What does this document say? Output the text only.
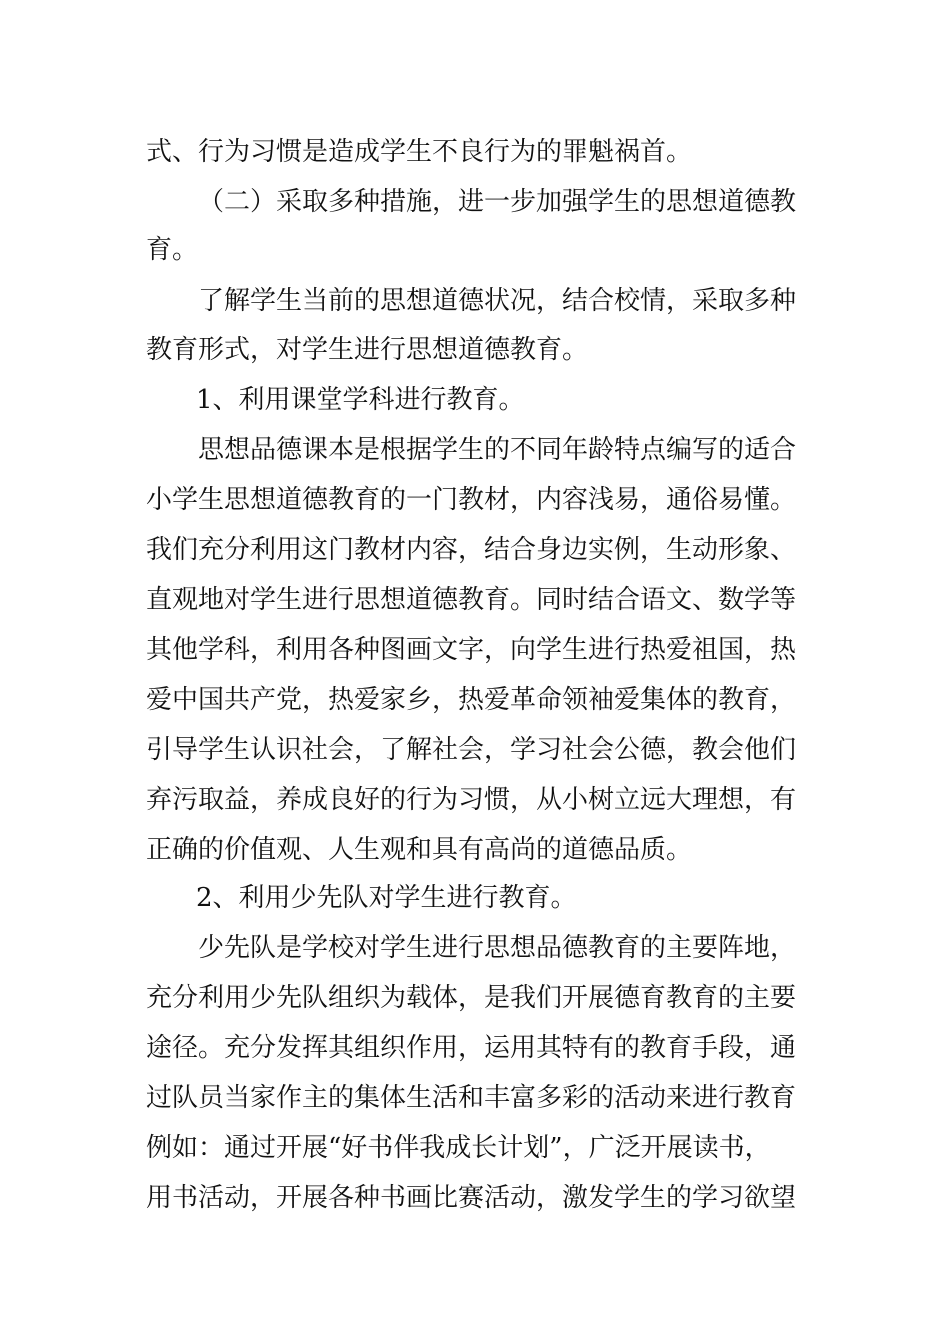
式、行为习惯是造成学生不良行为的罪魁祸首。
（二）采取多种措施，进一步加强学生的思想道德教
育。
了解学生当前的思想道德状况，结合校情，采取多种
教育形式，对学生进行思想道德教育。
1、利用课堂学科进行教育。
思想品德课本是根据学生的不同年龄特点编写的适合
小学生思想道德教育的一门教材，内容浅易，通俗易懂。
我们充分利用这门教材内容，结合身边实例，生动形象、
直观地对学生进行思想道德教育。同时结合语文、数学等
其他学科，利用各种图画文字，向学生进行热爱祖国，热
爱中国共产党，热爱家乡，热爱革命领袖爱集体的教育，
引导学生认识社会，了解社会，学习社会公德，教会他们
弃污取益，养成良好的行为习惯，从小树立远大理想，有
正确的价值观、人生观和具有高尚的道德品质。
2、利用少先队对学生进行教育。
少先队是学校对学生进行思想品德教育的主要阵地，
充分利用少先队组织为载体，是我们开展德育教育的主要
途径。充分发挥其组织作用，运用其特有的教育手段，通
过队员当家作主的集体生活和丰富多彩的活动来进行教育
例如：通过开展“好书伴我成长计划”，广泛开展读书，
用书活动，开展各种书画比赛活动，激发学生的学习欲望
